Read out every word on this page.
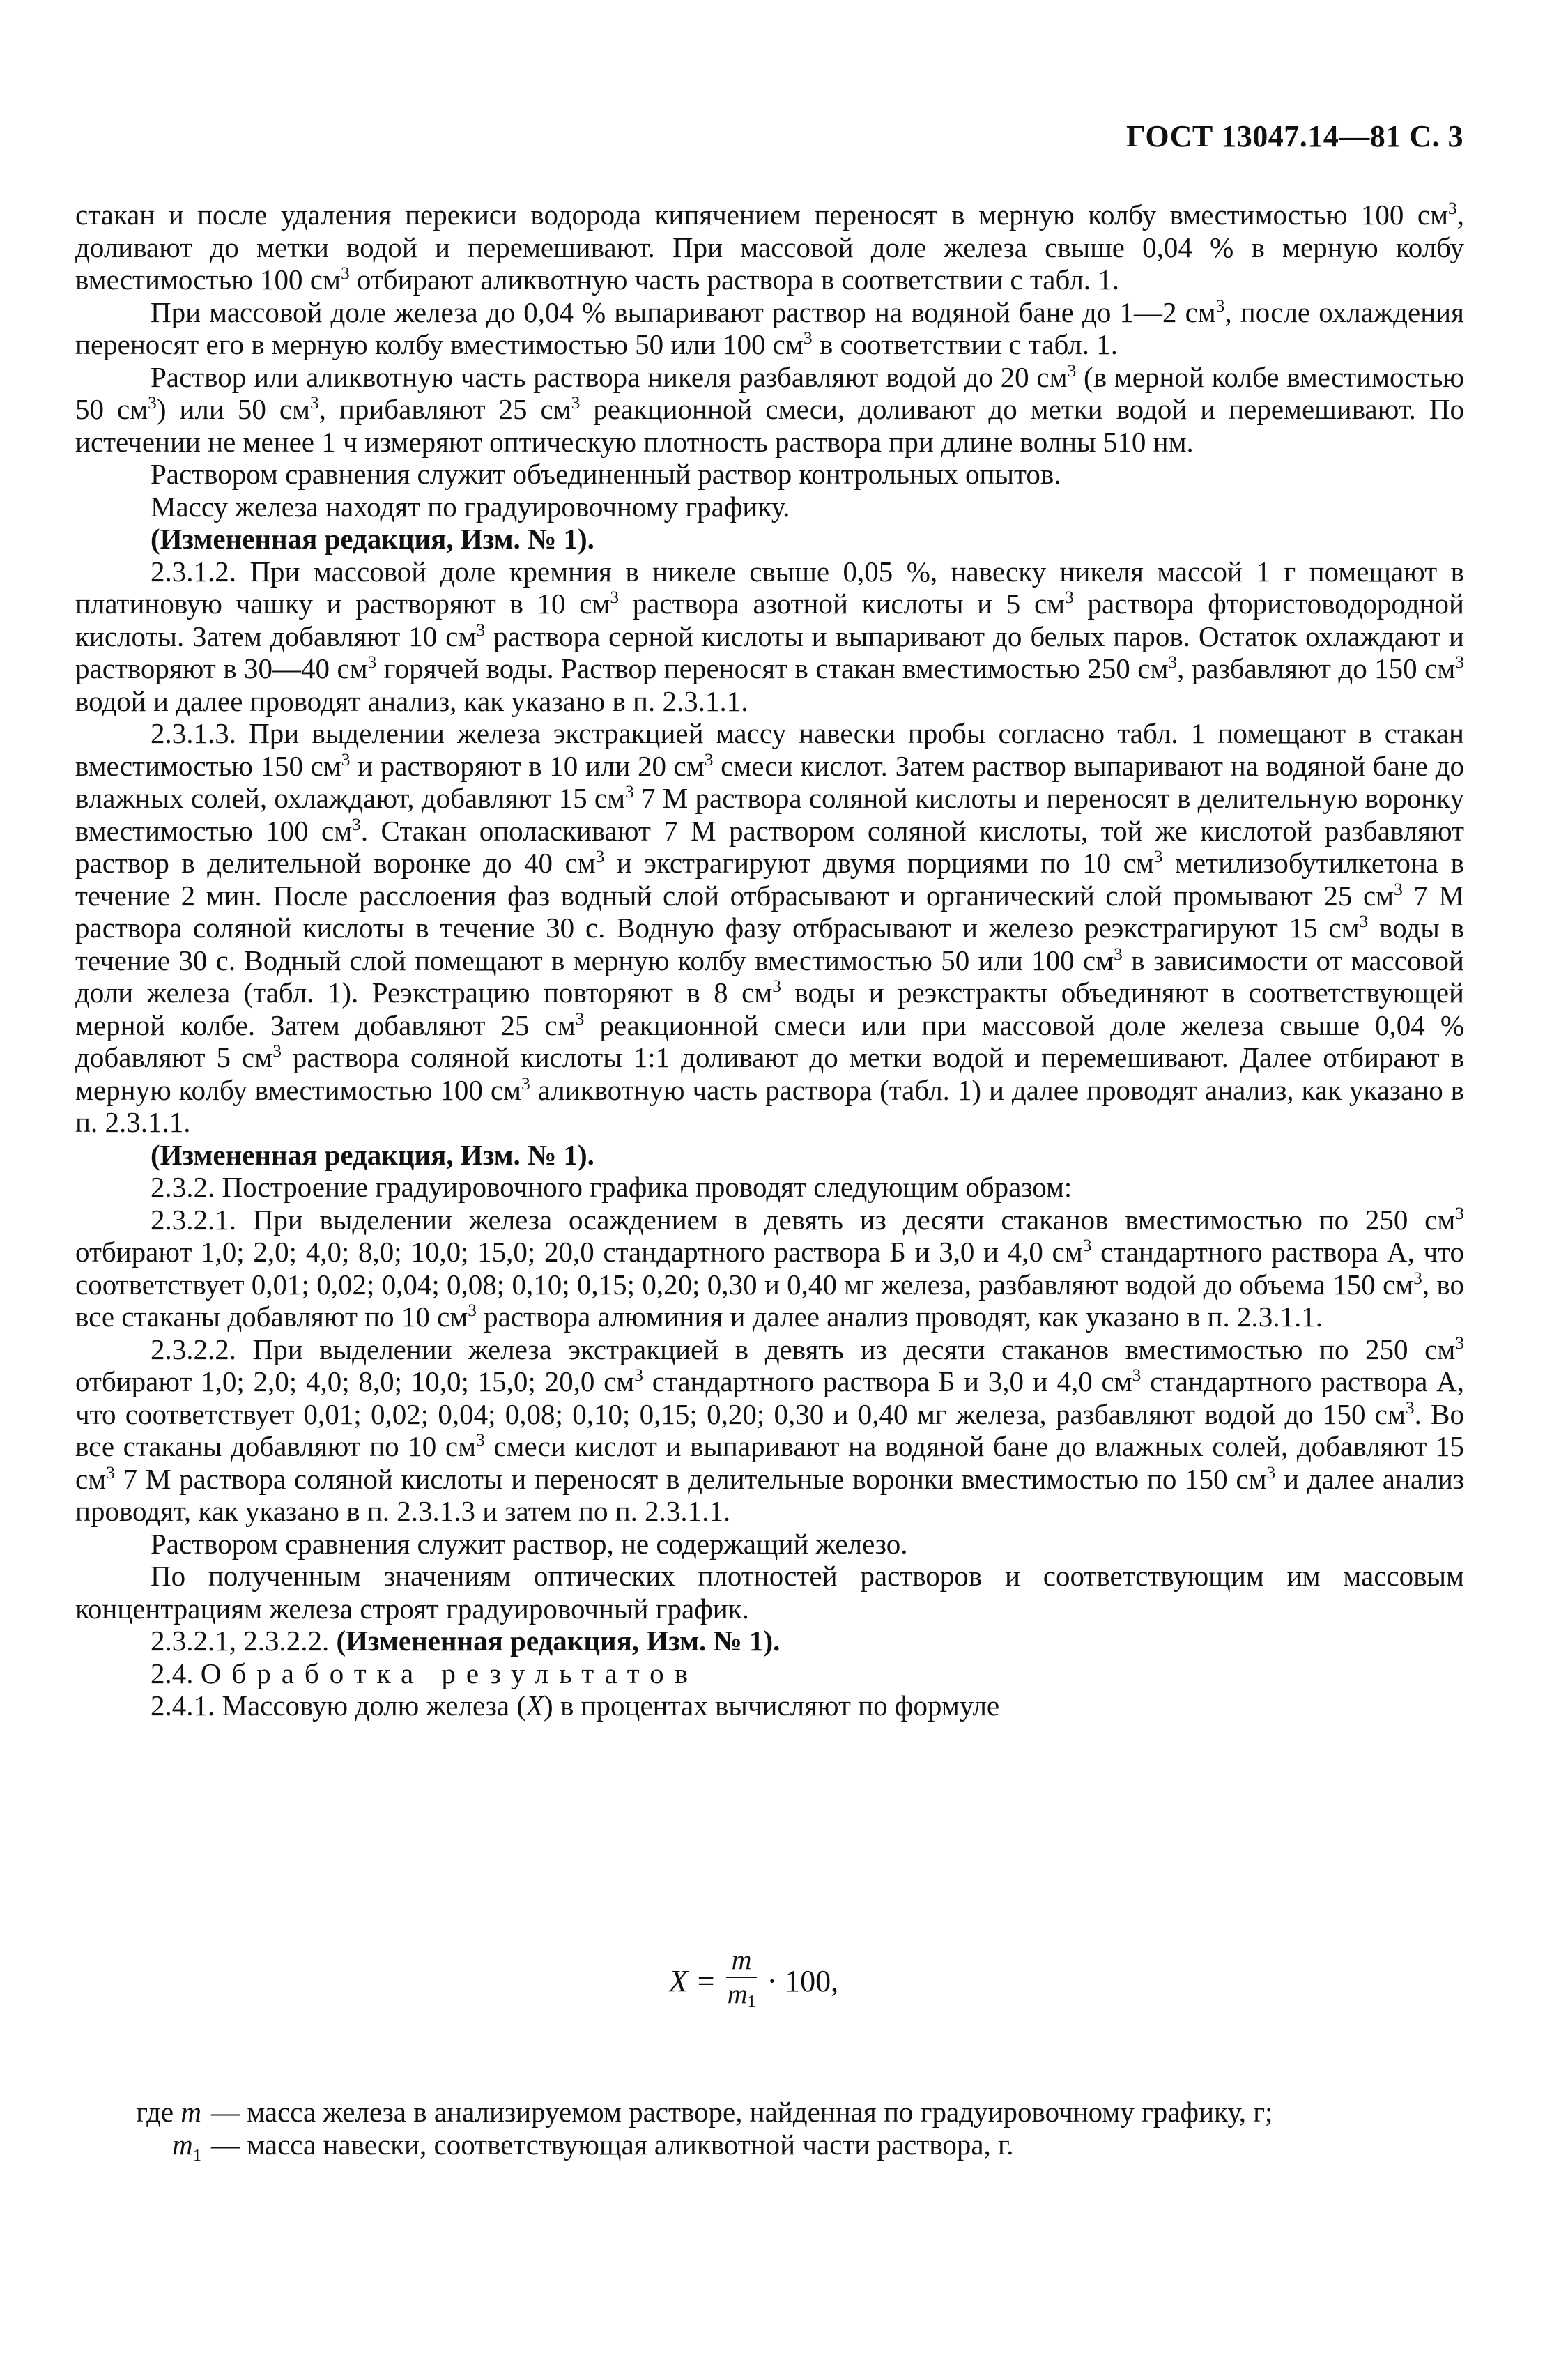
ГОСТ 13047.14—81 С. 3

стакан и после удаления перекиси водорода кипячением переносят в мерную колбу вместимостью 100 $см^3$, доливают до метки водой и перемешивают. При массовой доле железа свыше 0,04 % в мерную колбу вместимостью 100 $см^3$ отбирают аликвотную часть раствора в соответствии с табл. 1.

При массовой доле железа до 0,04 % выпаривают раствор на водяной бане до 1—2 $см^3$, после охлаждения переносят его в мерную колбу вместимостью 50 или 100 $см^3$ в соответствии с табл. 1.

Раствор или аликвотную часть раствора никеля разбавляют водой до 20 $см^3$ (в мерной колбе вместимостью 50 $см^3$) или 50 $см^3$, прибавляют 25 $см^3$ реакционной смеси, доливают до метки водой и перемешивают. По истечении не менее 1 ч измеряют оптическую плотность раствора при длине волны 510 нм.

Раствором сравнения служит объединенный раствор контрольных опытов.

Массу железа находят по градуировочному графику.

(Измененная редакция, Изм. № 1).

2.3.1.2. При массовой доле кремния в никеле свыше 0,05 %, навеску никеля массой 1 г помещают в платиновую чашку и растворяют в 10 $см^3$ раствора азотной кислоты и 5 $см^3$ раствора фтористоводородной кислоты. Затем добавляют 10 $см^3$ раствора серной кислоты и выпаривают до белых паров. Остаток охлаждают и растворяют в 30—40 $см^3$ горячей воды. Раствор переносят в стакан вместимостью 250 $см^3$, разбавляют до 150 $см^3$ водой и далее проводят анализ, как указано в п. 2.3.1.1.

2.3.1.3. При выделении железа экстракцией массу навески пробы согласно табл. 1 помещают в стакан вместимостью 150 $см^3$ и растворяют в 10 или 20 $см^3$ смеси кислот. Затем раствор выпаривают на водяной бане до влажных солей, охлаждают, добавляют 15 $см^3$ 7 М раствора соляной кислоты и переносят в делительную воронку вместимостью 100 $см^3$. Стакан ополаскивают 7 М раствором соляной кислоты, той же кислотой разбавляют раствор в делительной воронке до 40 $см^3$ и экстрагируют двумя порциями по 10 $см^3$ метилизобутилкетона в течение 2 мин. После расслоения фаз водный слой отбрасывают и органический слой промывают 25 $см^3$ 7 М раствора соляной кислоты в течение 30 с. Водную фазу отбрасывают и железо реэкстрагируют 15 $см^3$ воды в течение 30 с. Водный слой помещают в мерную колбу вместимостью 50 или 100 $см^3$ в зависимости от массовой доли железа (табл. 1). Реэкстрацию повторяют в 8 $см^3$ воды и реэкстракты объединяют в соответствующей мерной колбе. Затем добавляют 25 $см^3$ реакционной смеси или при массовой доле железа свыше 0,04 % добавляют 5 $см^3$ раствора соляной кислоты 1:1 доливают до метки водой и перемешивают. Далее отбирают в мерную колбу вместимостью 100 $см^3$ аликвотную часть раствора (табл. 1) и далее проводят анализ, как указано в п. 2.3.1.1.

(Измененная редакция, Изм. № 1).

2.3.2. Построение градуировочного графика проводят следующим образом:

2.3.2.1. При выделении железа осаждением в девять из десяти стаканов вместимостью по 250 $см^3$ отбирают 1,0; 2,0; 4,0; 8,0; 10,0; 15,0; 20,0 стандартного раствора Б и 3,0 и 4,0 $см^3$ стандартного раствора А, что соответствует 0,01; 0,02; 0,04; 0,08; 0,10; 0,15; 0,20; 0,30 и 0,40 мг железа, разбавляют водой до объема 150 $см^3$, во все стаканы добавляют по 10 $см^3$ раствора алюминия и далее анализ проводят, как указано в п. 2.3.1.1.

2.3.2.2. При выделении железа экстракцией в девять из десяти стаканов вместимостью по 250 $см^3$ отбирают 1,0; 2,0; 4,0; 8,0; 10,0; 15,0; 20,0 $см^3$ стандартного раствора Б и 3,0 и 4,0 $см^3$ стандартного раствора А, что соответствует 0,01; 0,02; 0,04; 0,08; 0,10; 0,15; 0,20; 0,30 и 0,40 мг железа, разбавляют водой до 150 $см^3$. Во все стаканы добавляют по 10 $см^3$ смеси кислот и выпаривают на водяной бане до влажных солей, добавляют 15 $см^3$ 7 М раствора соляной кислоты и переносят в делительные воронки вместимостью по 150 $см^3$ и далее анализ проводят, как указано в п. 2.3.1.3 и затем по п. 2.3.1.1.

Раствором сравнения служит раствор, не содержащий железо.

По полученным значениям оптических плотностей растворов и соответствующим им массовым концентрациям железа строят градуировочный график.

2.3.2.1, 2.3.2.2. (Измененная редакция, Изм. № 1).

2.4. Обработка результатов

2.4.1. Массовую долю железа (X) в процентах вычисляют по формуле

$X = \frac{m}{m_1} \cdot 100$,
где m — масса железа в анализируемом растворе, найденная по градуировочному графику, г;
$m_1$ — масса навески, соответствующая аликвотной части раствора, г.
